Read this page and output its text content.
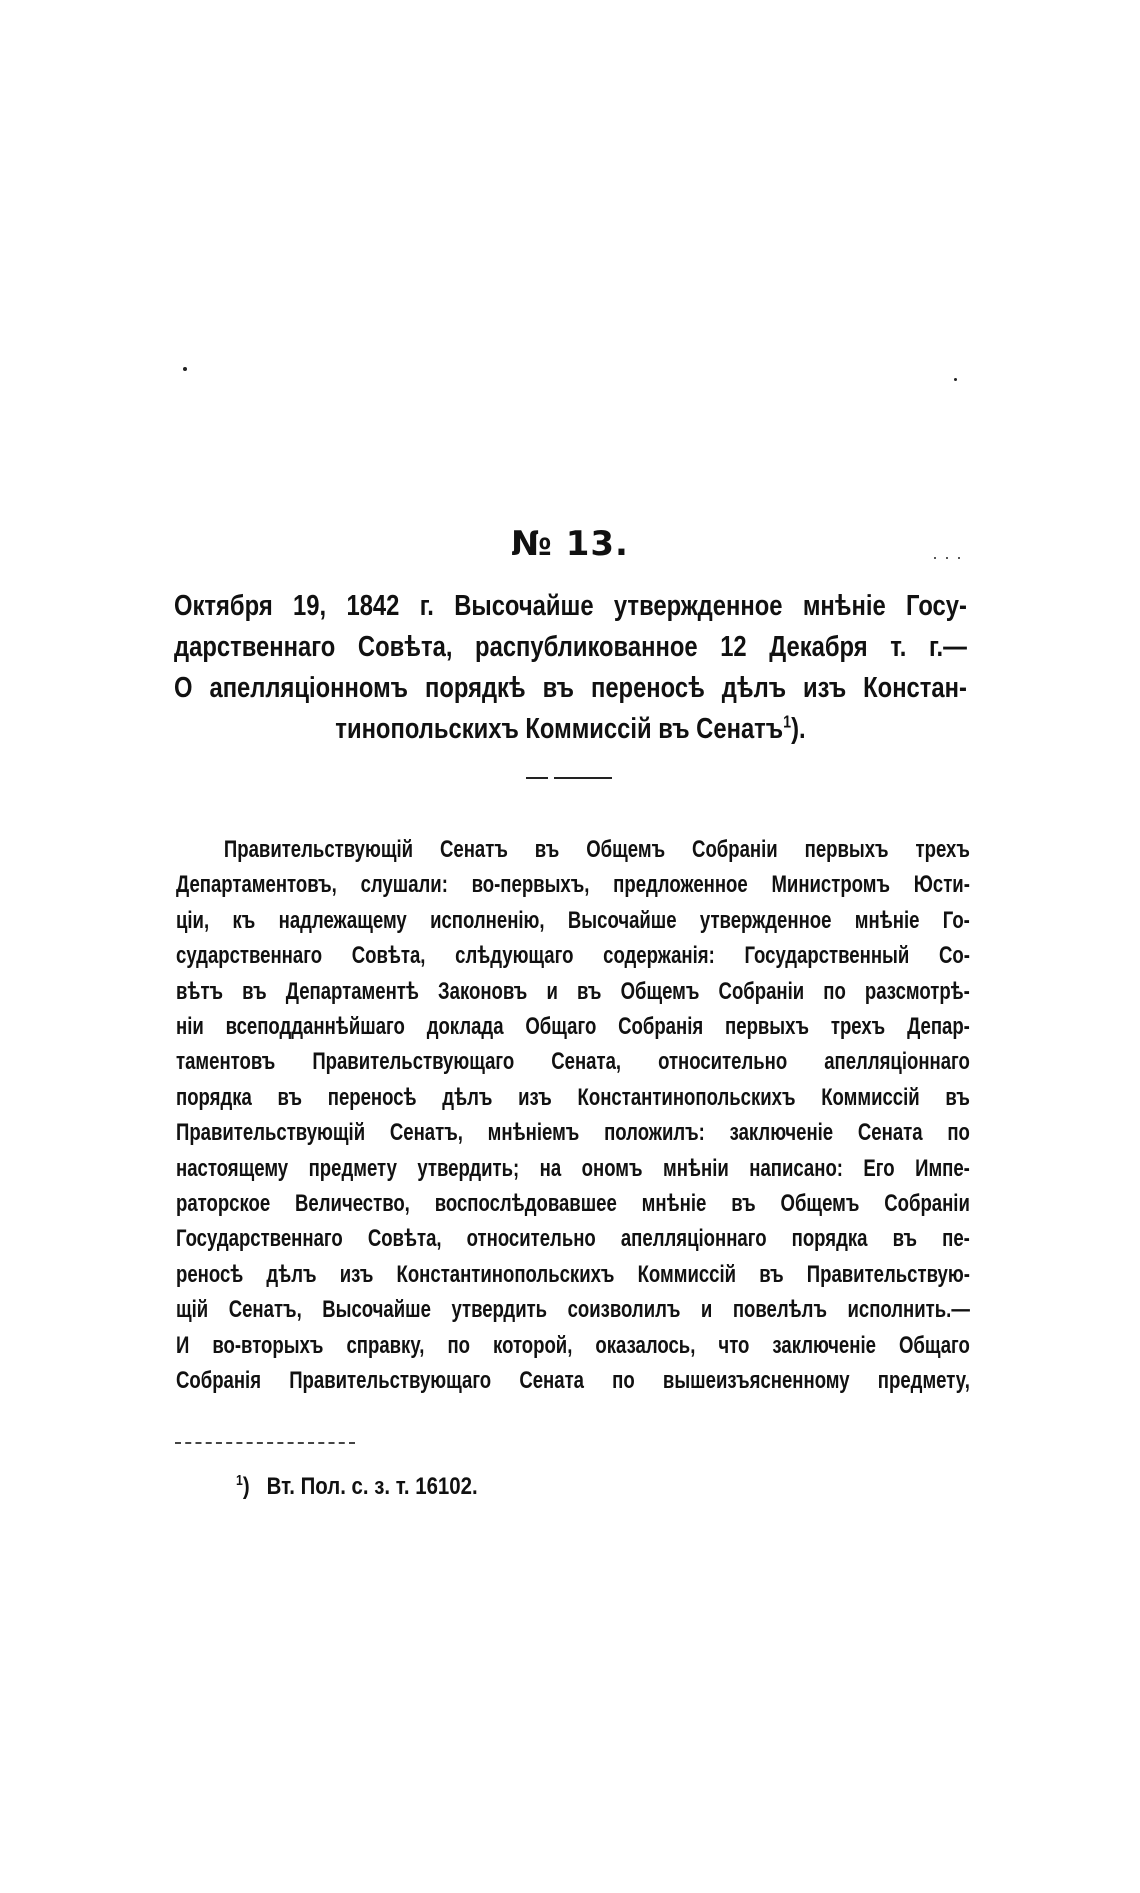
№ 13.
Октября 19, 1842 г. Высочайше утвержденное мнѣніе Госу-
дарственнаго Совѣта, распубликованное 12 Декабря т. г.—
О апелляціонномъ порядкѣ въ переносѣ дѣлъ изъ Констан-
тинопольскихъ Коммиссій въ Сенатъ$^1$).
Правительствующій Сенатъ въ Общемъ Собраніи первыхъ трехъ
Департаментовъ, слушали: во-первыхъ, предложенное Министромъ Юсти-
ціи, къ надлежащему исполненію, Высочайше утвержденное мнѣніе Го-
сударственнаго Совѣта, слѣдующаго содержанія: Государственный Со-
вѣтъ въ Департаментѣ Законовъ и въ Общемъ Собраніи по разсмотрѣ-
ніи всеподданнѣйшаго доклада Общаго Собранія первыхъ трехъ Депар-
таментовъ Правительствующаго Сената, относительно апелляціоннаго
порядка въ переносѣ дѣлъ изъ Константинопольскихъ Коммиссій въ
Правительствующій Сенатъ, мнѣніемъ положилъ: заключеніе Сената по
настоящему предмету утвердить; на ономъ мнѣніи написано: Его Импе-
раторское Величество, воспослѣдовавшее мнѣніе въ Общемъ Собраніи
Государственнаго Совѣта, относительно апелляціоннаго порядка въ пе-
реносѣ дѣлъ изъ Константинопольскихъ Коммиссій въ Правительствую-
щій Сенатъ, Высочайше утвердить соизволилъ и повелѣлъ исполнить.—
И во-вторыхъ справку, по которой, оказалось, что заключеніе Общаго
Собранія Правительствующаго Сената по вышеизъясненному предмету,
$^1$) Вт. Пол. с. з. т. 16102.
